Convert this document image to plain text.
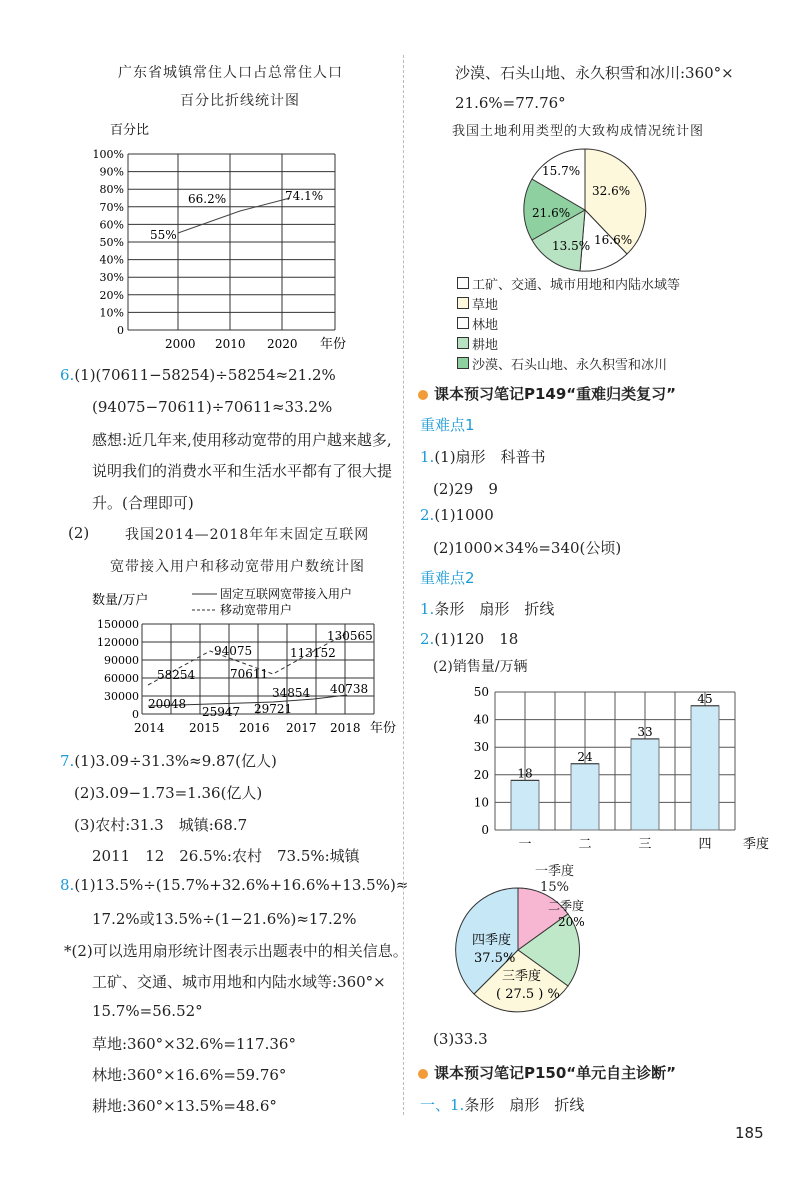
广东省城镇常住人口占总常住人口
百分比折线统计图
百分比
100%
90%
80%
70%
60%
50%
40%
30%
20%
10%
0
55%
66.2%	74.1%
2000 2010 2020 年份
6.(1)(70611−58254)÷58254≈21.2%
(94075−70611)÷70611≈33.2%
感想:近几年来,使用移动宽带的用户越来越多,
说明我们的消费水平和生活水平都有了很大提
升。(合理即可)
(2)	我国2014—2018年年末固定互联网
宽带接入用户和移动宽带用户数统计图
数量/万户	固定互联网宽带接入用户
移动宽带用户
150000
120000
90000
60000
30000
0
58254
94075
70611
113152
130565
20048
25947 29721
34854 40738
2014 2015 2016 2017 2018 年份
7.(1)3.09÷31.3%≈9.87(亿人)
(2)3.09−1.73=1.36(亿人)
(3)农村:31.3　城镇:68.7
2011　12　26.5%:农村　73.5%:城镇
8.(1)13.5%÷(15.7%+32.6%+16.6%+13.5%)≈
17.2%或13.5%÷(1−21.6%)≈17.2%
*(2)可以选用扇形统计图表示出题表中的相关信息。
工矿、交通、城市用地和内陆水域等:360°×
15.7%=56.52°
草地:360°×32.6%=117.36°
林地:360°×16.6%=59.76°
耕地:360°×13.5%=48.6°
沙漠、石头山地、永久积雪和冰川:360°×
21.6%=77.76°
我国土地利用类型的大致构成情况统计图
15.7%
32.6%
16.6%
13.5%
21.6%
工矿、交通、城市用地和内陆水域等
草地
林地
耕地
沙漠、石头山地、永久积雪和冰川
课本预习笔记P149“重难归类复习”
重难点1
1.(1)扇形　科普书
(2)29　9
2.(1)1000
(2)1000×34%=340(公顷)
重难点2
1.条形　扇形　折线
2.(1)120　18
(2)销售量/万辆
50
40
30
20
10
0
18
一
24
二
33
三
45
四 季度
二季度
20%
四季度
37.5%
三季度
( 27.5 ) %
一季度
15%
(3)33.3
课本预习笔记P150“单元自主诊断”
一、1.条形　扇形　折线
185
